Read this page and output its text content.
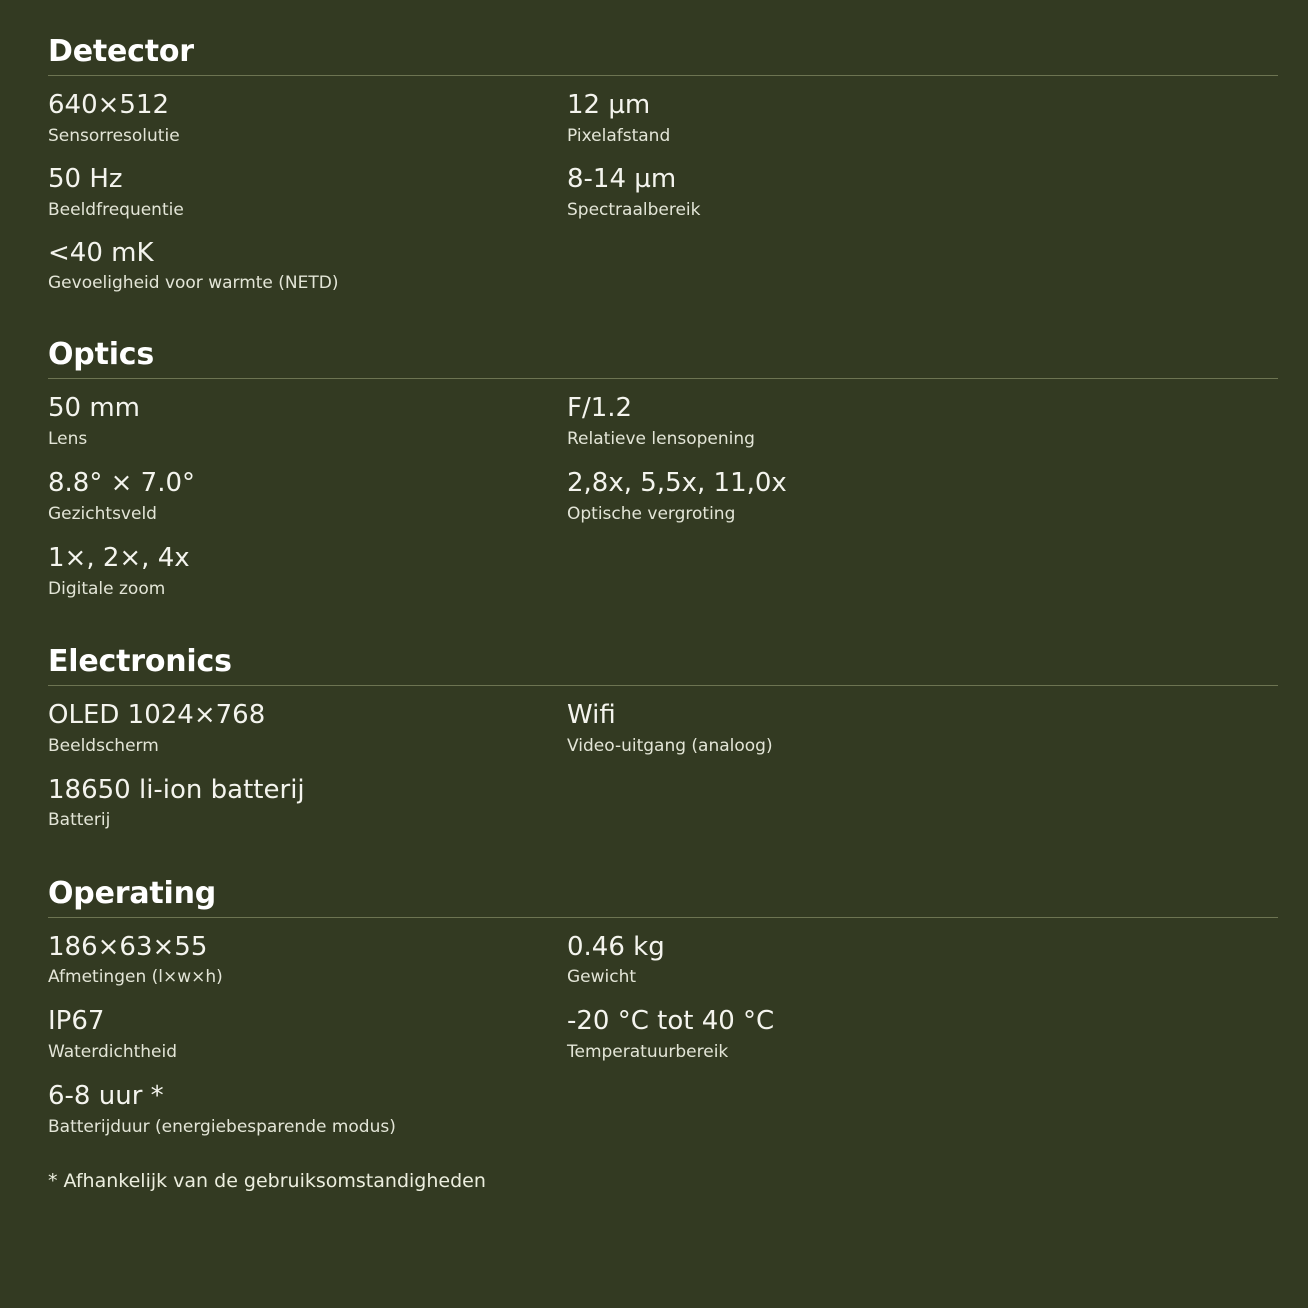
Detector
640×512
Sensorresolutie
12 µm
Pixelafstand
50 Hz
Beeldfrequentie
8-14 µm
Spectraalbereik
<40 mK
Gevoeligheid voor warmte (NETD)
Optics
50 mm
Lens
F/1.2
Relatieve lensopening
8.8° × 7.0°
Gezichtsveld
2,8x, 5,5x, 11,0x
Optische vergroting
1×, 2×, 4x
Digitale zoom
Electronics
OLED 1024×768
Beeldscherm
Wifi
Video-uitgang (analoog)
18650 li-ion batterij
Batterij
Operating
186×63×55
Afmetingen (l×w×h)
0.46 kg
Gewicht
IP67
Waterdichtheid
-20 °C tot 40 °C
Temperatuurbereik
6-8 uur *
Batterijduur (energiebesparende modus)
* Afhankelijk van de gebruiksomstandigheden
